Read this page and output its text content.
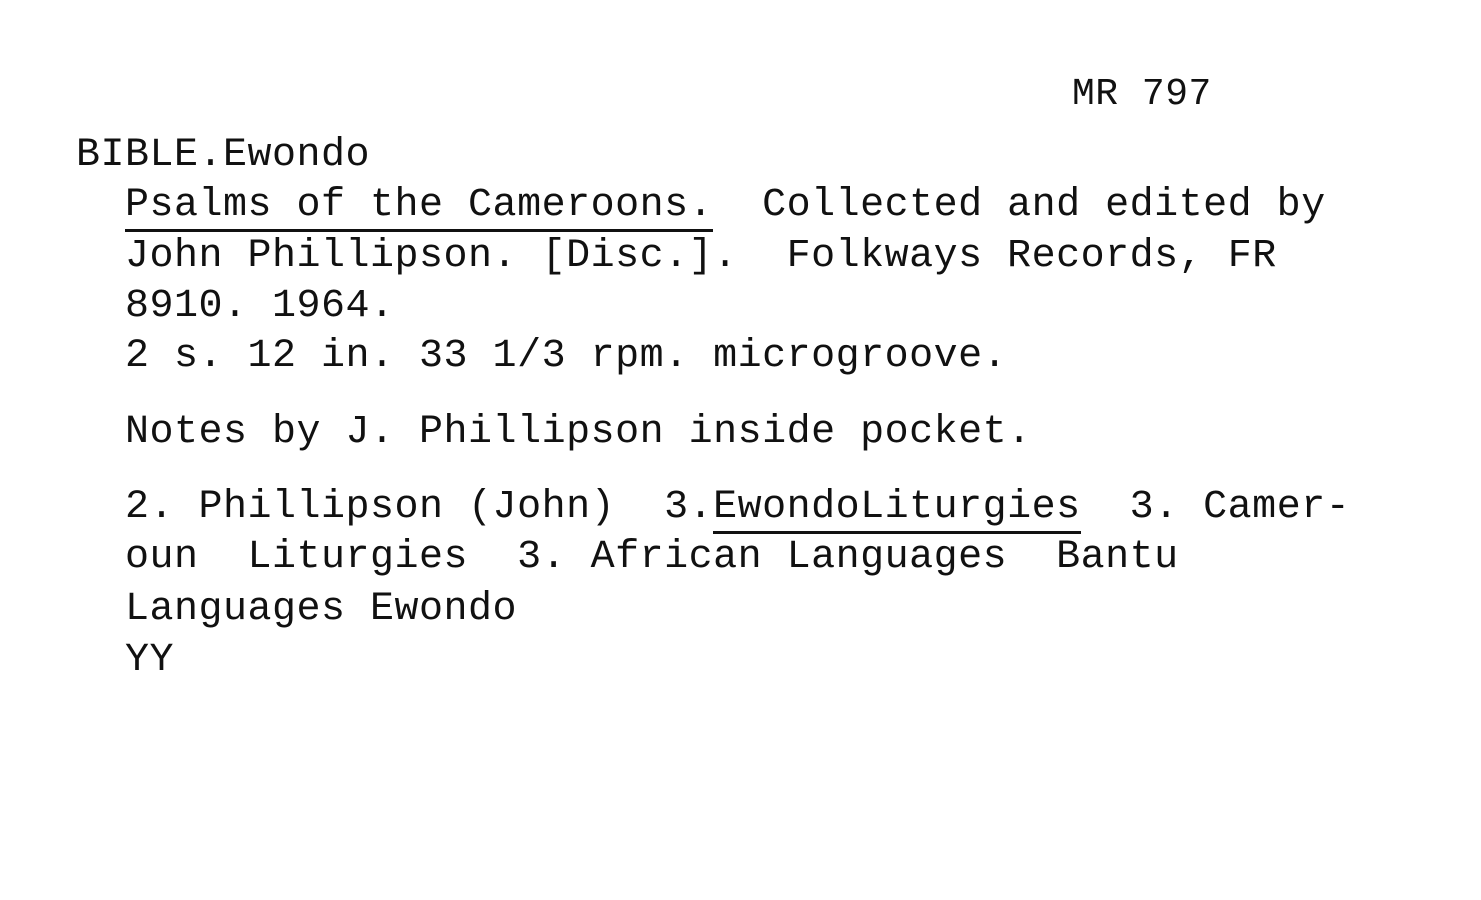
MR 797
BIBLE.Ewondo
Psalms of the Cameroons.  Collected and edited by
John Phillipson. [Disc.].  Folkways Records, FR
8910. 1964.
2 s. 12 in. 33 1/3 rpm. microgroove.
Notes by J. Phillipson inside pocket.
2. Phillipson (John)  3.EwondoLiturgies  3. Camer-
oun  Liturgies  3. African Languages  Bantu
Languages Ewondo
YY
